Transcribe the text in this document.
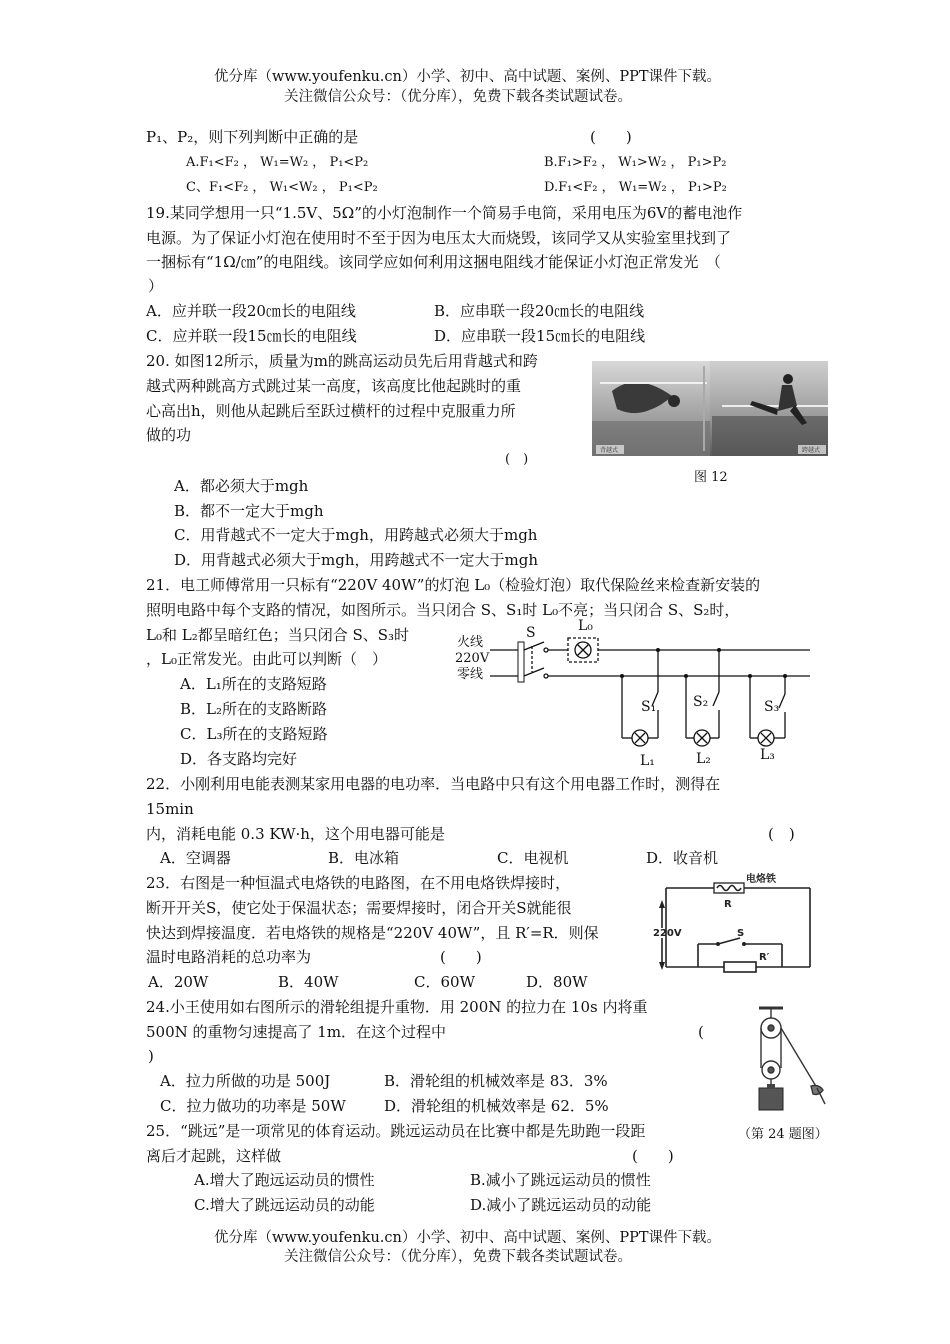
优分库（www.youfenku.cn）小学、初中、高中试题、案例、PPT课件下载。
关注微信公众号：（优分库），免费下载各类试题试卷。
P₁、P₂，则下列判断中正确的是	(　　)
A.F₁<F₂ ， W₁=W₂ ， P₁<P₂	B.F₁>F₂ ， W₁>W₂ ， P₁>P₂
C、F₁<F₂ ， W₁<W₂ ， P₁<P₂	D.F₁<F₂ ， W₁=W₂ ， P₁>P₂
19.某同学想用一只“1.5V、5Ω”的小灯泡制作一个简易手电筒，采用电压为6V的蓄电池作
电源。为了保证小灯泡在使用时不至于因为电压太大而烧毁，该同学又从实验室里找到了
一捆标有“1Ω/㎝”的电阻线。该同学应如何利用这捆电阻线才能保证小灯泡正常发光　（
）
A．应并联一段20㎝长的电阻线	B．应串联一段20㎝长的电阻线
C．应并联一段15㎝长的电阻线	D．应串联一段15㎝长的电阻线
20. 如图12所示，质量为m的跳高运动员先后用背越式和跨
越式两种跳高方式跳过某一高度，该高度比他起跳时的重
心高出h，则他从起跳后至跃过横杆的过程中克服重力所
做的功
(　)
背越式	跨越式
图 12
A．都必须大于mgh
B．都不一定大于mgh
C．用背越式不一定大于mgh，用跨越式必须大于mgh
D．用背越式必须大于mgh，用跨越式不一定大于mgh
21．电工师傅常用一只标有“220V 40W”的灯泡 L₀（检验灯泡）取代保险丝来检查新安装的
照明电路中每个支路的情况，如图所示。当只闭合 S、S₁时 L₀不亮；当只闭合 S、S₂时，
L₀和 L₂都呈暗红色；当只闭合 S、S₃时
，L₀正常发光。由此可以判断（　）
A．L₁所在的支路短路
B．L₂所在的支路断路
C．L₃所在的支路短路
D．各支路均完好
火线
220V
零线
S	L₀
S₁	S₂	S₃
L₁	L₂	L₃
22．小刚利用电能表测某家用电器的电功率．当电路中只有这个用电器工作时，测得在
15min
内，消耗电能 0.3 KW·h，这个用电器可能是	(　)
A．空调器	B．电冰箱	C．电视机	D．收音机
23．右图是一种恒温式电烙铁的电路图，在不用电烙铁焊接时，
断开开关S，使它处于保温状态；需要焊接时，闭合开关S就能很
快达到焊接温度．若电烙铁的规格是“220V 40W”，且 R′=R．则保
温时电路消耗的总功率为	(　　)
A．20W	B．40W	C．60W	D．80W
电烙铁
R
220V	S
R′
24.小王使用如右图所示的滑轮组提升重物．用 200N 的拉力在 10s 内将重
(
500N 的重物匀速提高了 1m．在这个过程中
)
A．拉力所做的功是 500J	B．滑轮组的机械效率是 83．3%
C．拉力做功的功率是 50W	D．滑轮组的机械效率是 62．5%
（第 24 题图）
25．“跳远”是一项常见的体育运动。跳远运动员在比赛中都是先助跑一段距
离后才起跳，这样做	(　　)
A.增大了跑远运动员的惯性	B.减小了跳远运动员的惯性
C.增大了跳远运动员的动能	D.减小了跳远运动员的动能
优分库（www.youfenku.cn）小学、初中、高中试题、案例、PPT课件下载。
关注微信公众号：（优分库），免费下载各类试题试卷。
